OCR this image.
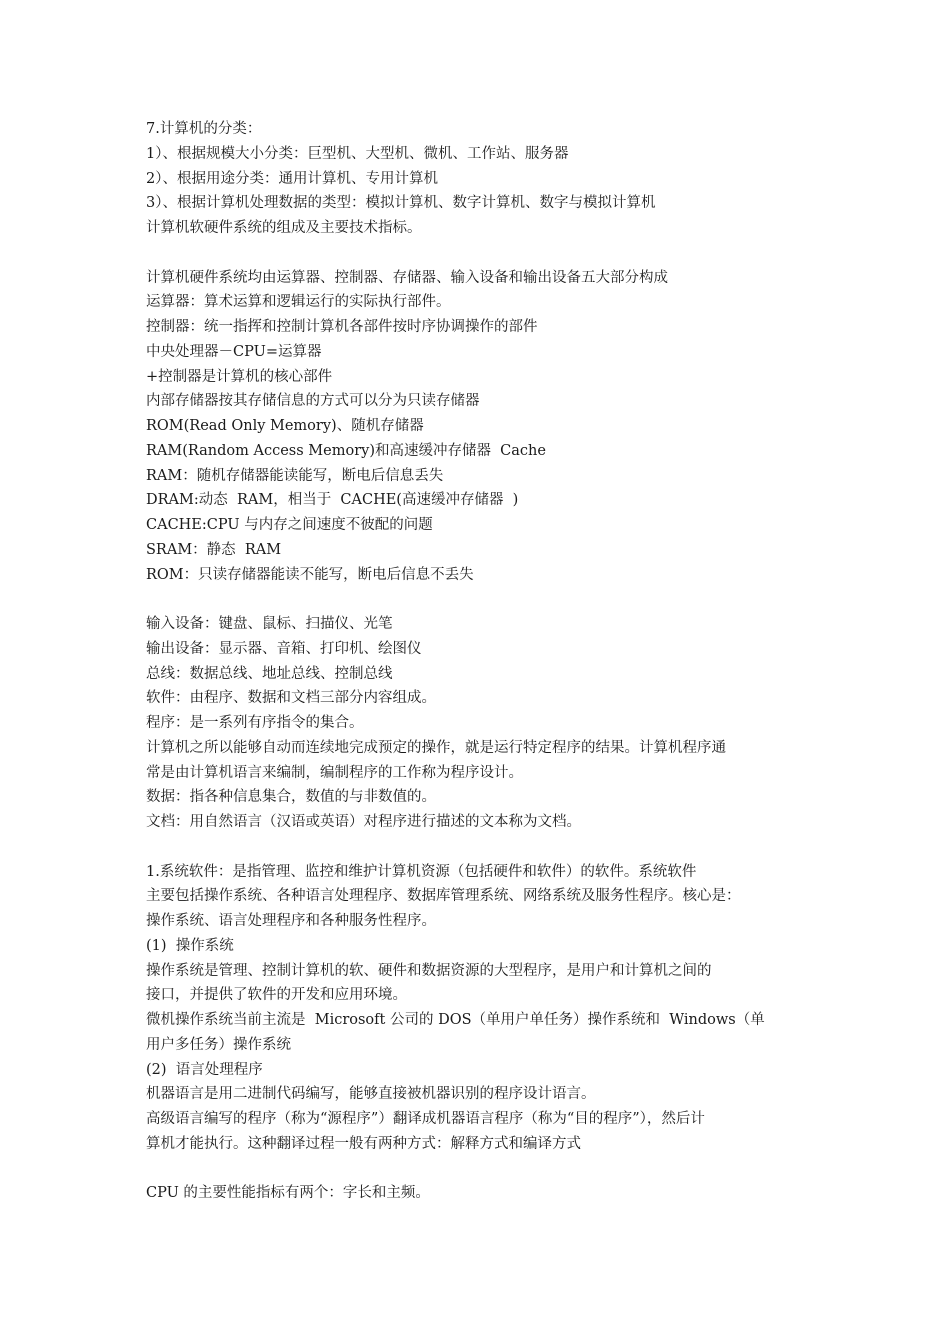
7.计算机的分类：
1）、根据规模大小分类：巨型机、大型机、微机、工作站、服务器
2）、根据用途分类：通用计算机、专用计算机
3）、根据计算机处理数据的类型：模拟计算机、数字计算机、数字与模拟计算机
计算机软硬件系统的组成及主要技术指标。
计算机硬件系统均由运算器、控制器、存储器、输入设备和输出设备五大部分构成
运算器：算术运算和逻辑运行的实际执行部件。
控制器：统一指挥和控制计算机各部件按时序协调操作的部件
中央处理器－CPU=运算器
+控制器是计算机的核心部件
内部存储器按其存储信息的方式可以分为只读存储器
ROM(Read Only Memory)、随机存储器
RAM(Random Access Memory)和高速缓冲存储器  Cache
RAM：随机存储器能读能写，断电后信息丢失
DRAM:动态  RAM，相当于  CACHE(高速缓冲存储器  )
CACHE:CPU 与内存之间速度不彼配的问题
SRAM：静态  RAM
ROM：只读存储器能读不能写，断电后信息不丢失
输入设备：键盘、鼠标、扫描仪、光笔
输出设备：显示器、音箱、打印机、绘图仪
总线：数据总线、地址总线、控制总线
软件：由程序、数据和文档三部分内容组成。
程序：是一系列有序指令的集合。
计算机之所以能够自动而连续地完成预定的操作，就是运行特定程序的结果。计算机程序通
常是由计算机语言来编制，编制程序的工作称为程序设计。
数据：指各种信息集合，数值的与非数值的。
文档：用自然语言（汉语或英语）对程序进行描述的文本称为文档。
1.系统软件：是指管理、监控和维护计算机资源（包括硬件和软件）的软件。系统软件
主要包括操作系统、各种语言处理程序、数据库管理系统、网络系统及服务性程序。核心是：
操作系统、语言处理程序和各种服务性程序。
(1)  操作系统
操作系统是管理、控制计算机的软、硬件和数据资源的大型程序，是用户和计算机之间的
接口，并提供了软件的开发和应用环境。
微机操作系统当前主流是  Microsoft 公司的 DOS（单用户单任务）操作系统和  Windows（单
用户多任务）操作系统
(2)  语言处理程序
机器语言是用二进制代码编写，能够直接被机器识别的程序设计语言。
高级语言编写的程序（称为“源程序”）翻译成机器语言程序（称为“目的程序”），然后计
算机才能执行。这种翻译过程一般有两种方式：解释方式和编译方式
CPU 的主要性能指标有两个：字长和主频。
